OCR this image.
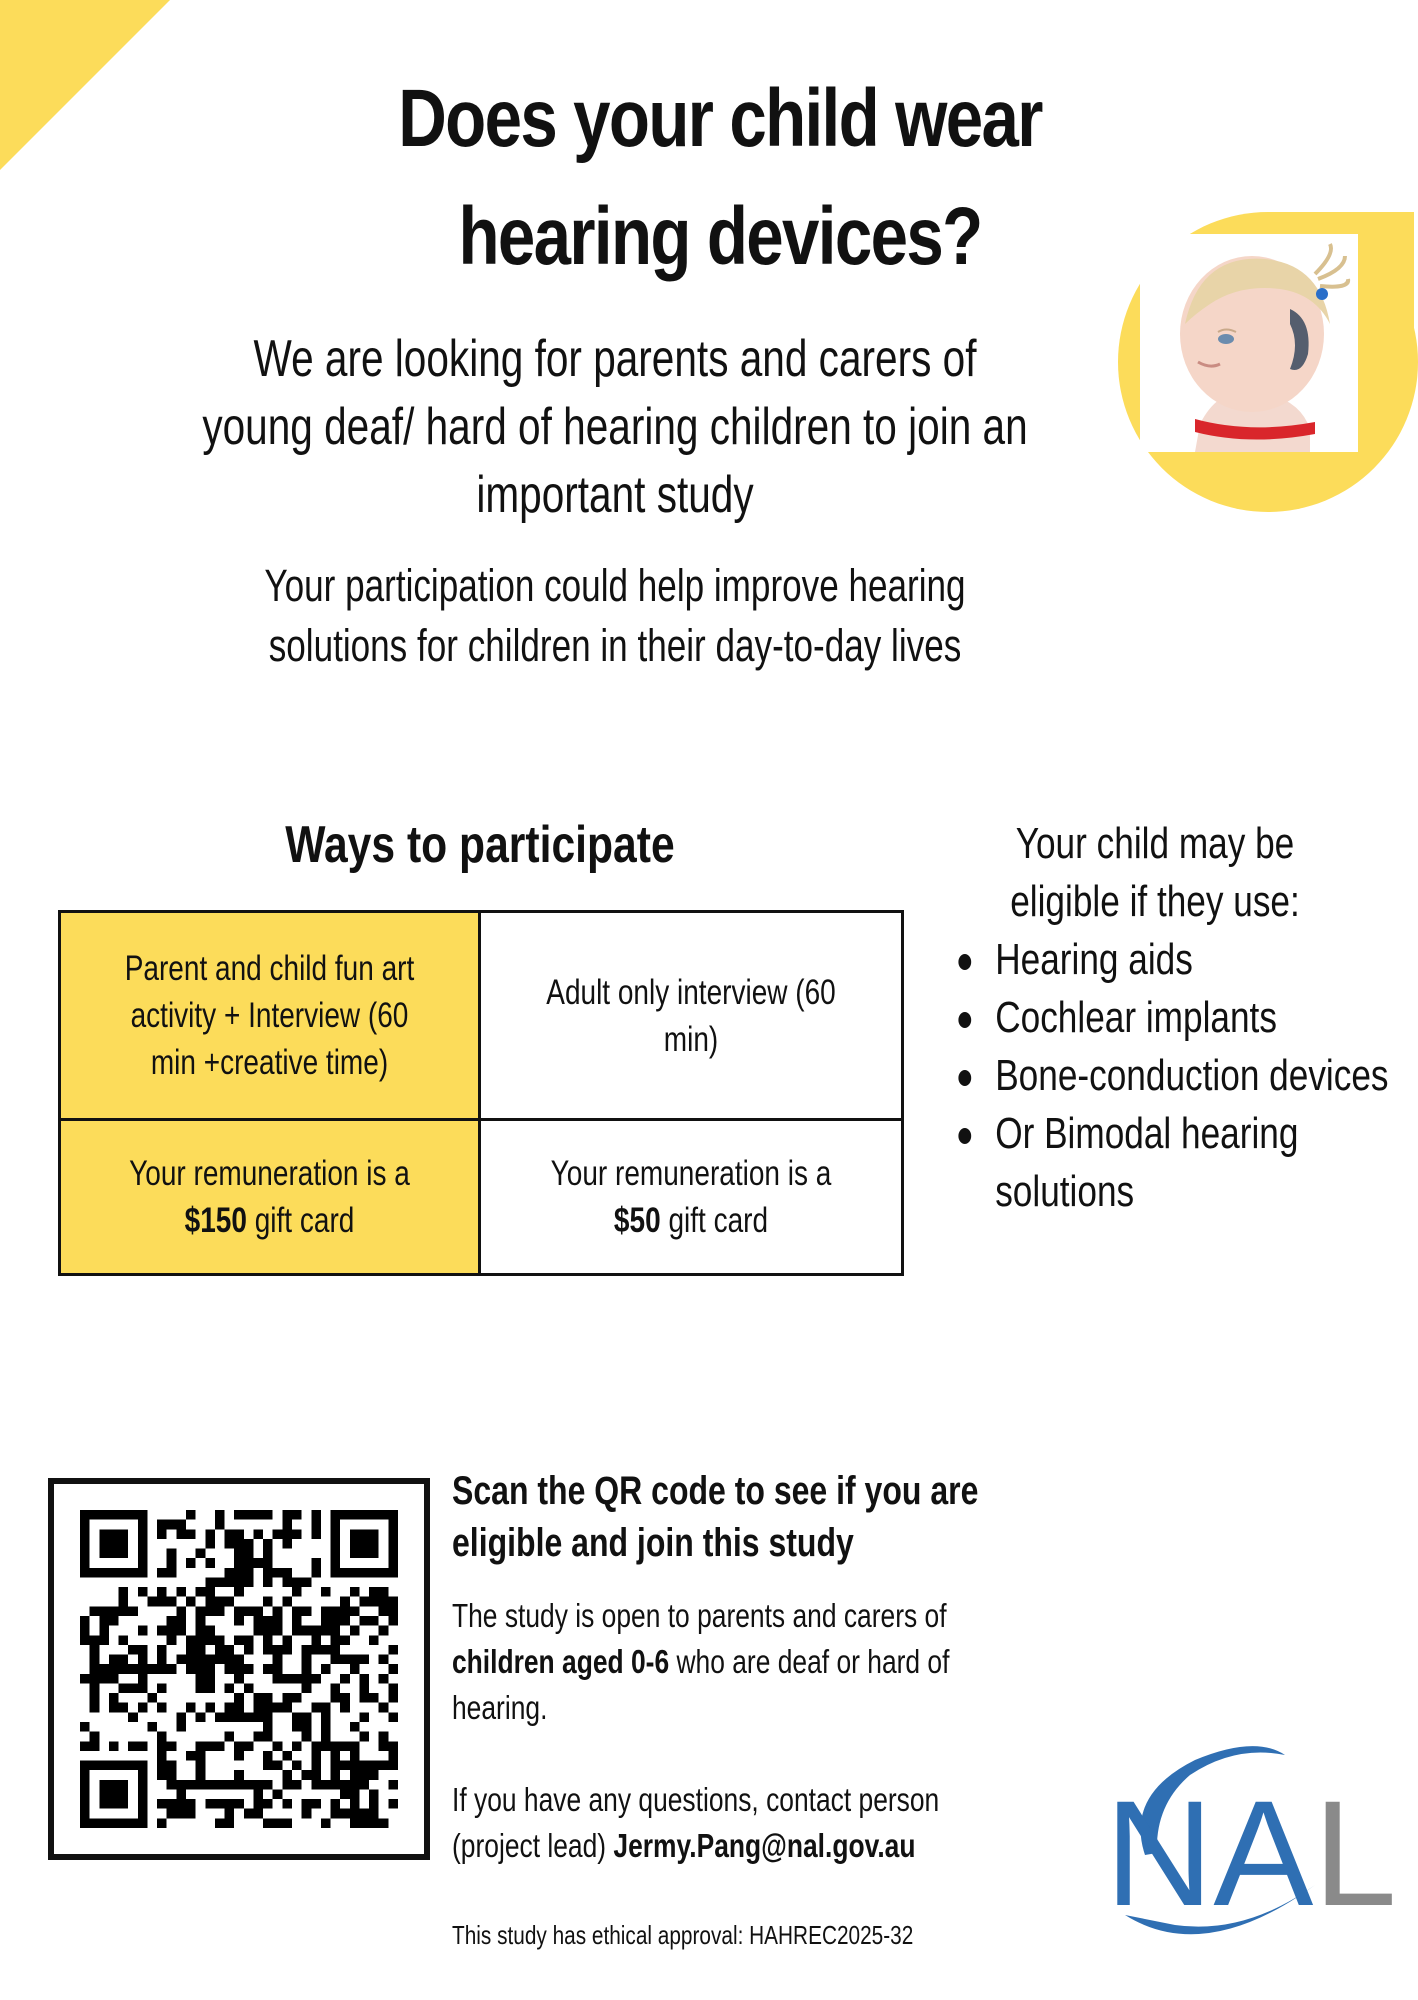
Does your child wear hearing devices?
We are looking for parents and carers of young deaf/ hard of hearing children to join an important study
Your participation could help improve hearing solutions for children in their day-to-day lives
Ways to participate
Parent and child fun art activity + Interview (60 min +creative time)
Adult only interview (60 min)
Your remuneration is a
$150 gift card
Your remuneration is a
$50 gift card
Your child may be eligible if they use:
Hearing aids
Cochlear implants
Bone-conduction devices
Or Bimodal hearing solutions
Scan the QR code to see if you are eligible and join this study
The study is open to parents and carers of children aged 0-6 who are deaf or hard of hearing.
If you have any questions, contact person (project lead) Jermy.Pang@nal.gov.au
This study has ethical approval: HAHREC2025-32	NAL
